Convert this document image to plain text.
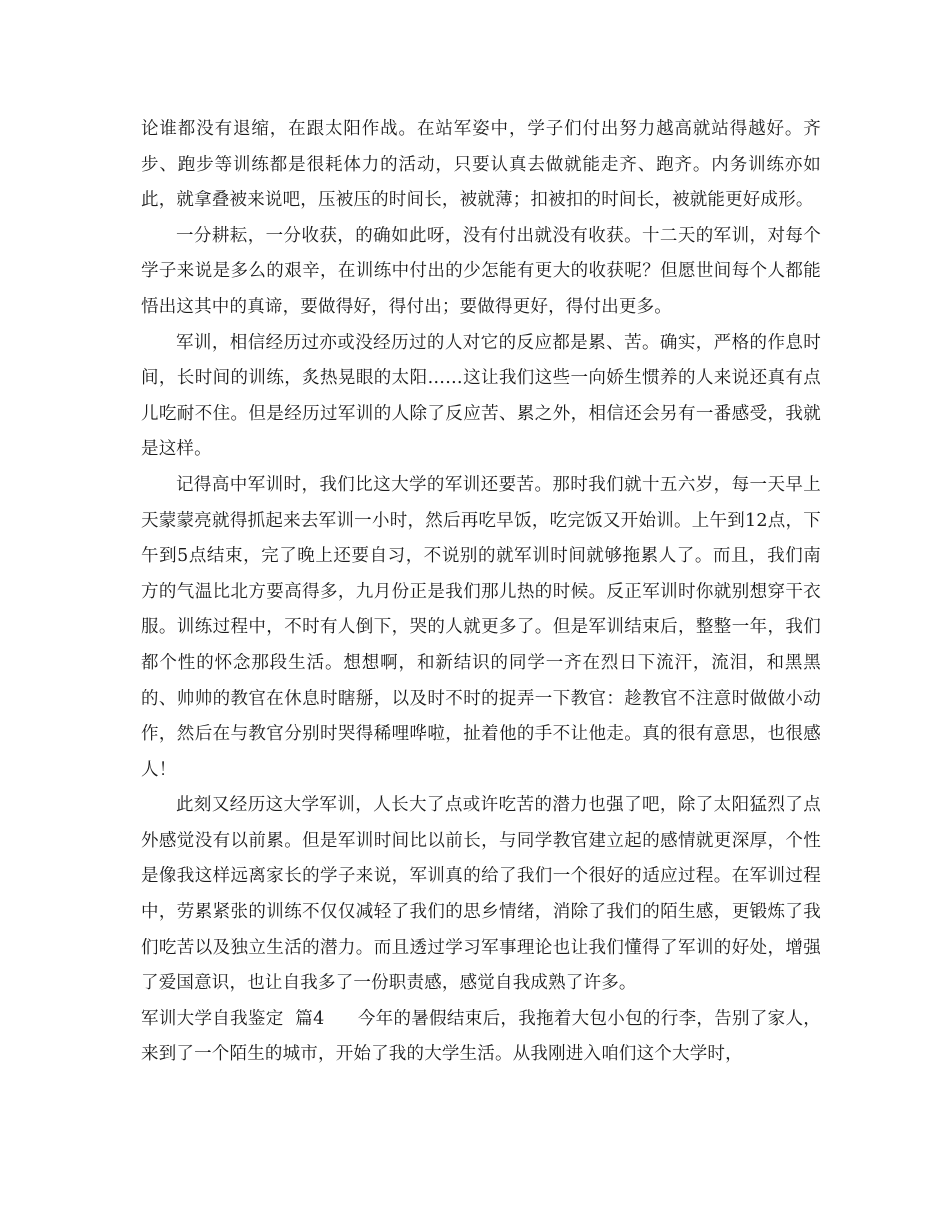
论谁都没有退缩，在跟太阳作战。在站军姿中，学子们付出努力越高就站得越好。齐步、跑步等训练都是很耗体力的活动，只要认真去做就能走齐、跑齐。内务训练亦如此，就拿叠被来说吧，压被压的时间长，被就薄；扣被扣的时间长，被就能更好成形。

一分耕耘，一分收获，的确如此呀，没有付出就没有收获。十二天的军训，对每个学子来说是多么的艰辛，在训练中付出的少怎能有更大的收获呢？但愿世间每个人都能悟出这其中的真谛，要做得好，得付出；要做得更好，得付出更多。

军训，相信经历过亦或没经历过的人对它的反应都是累、苦。确实，严格的作息时间，长时间的训练，炙热晃眼的太阳……这让我们这些一向娇生惯养的人来说还真有点儿吃耐不住。但是经历过军训的人除了反应苦、累之外，相信还会另有一番感受，我就是这样。

记得高中军训时，我们比这大学的军训还要苦。那时我们就十五六岁，每一天早上天蒙蒙亮就得抓起来去军训一小时，然后再吃早饭，吃完饭又开始训。上午到12点，下午到5点结束，完了晚上还要自习，不说别的就军训时间就够拖累人了。而且，我们南方的气温比北方要高得多，九月份正是我们那儿热的时候。反正军训时你就别想穿干衣服。训练过程中，不时有人倒下，哭的人就更多了。但是军训结束后，整整一年，我们都个性的怀念那段生活。想想啊，和新结识的同学一齐在烈日下流汗，流泪，和黑黑的、帅帅的教官在休息时瞎掰，以及时不时的捉弄一下教官：趁教官不注意时做做小动作，然后在与教官分别时哭得稀哩哗啦，扯着他的手不让他走。真的很有意思，也很感人！

此刻又经历这大学军训，人长大了点或许吃苦的潜力也强了吧，除了太阳猛烈了点外感觉没有以前累。但是军训时间比以前长，与同学教官建立起的感情就更深厚，个性是像我这样远离家长的学子来说，军训真的给了我们一个很好的适应过程。在军训过程中，劳累紧张的训练不仅仅减轻了我们的思乡情绪，消除了我们的陌生感，更锻炼了我们吃苦以及独立生活的潜力。而且透过学习军事理论也让我们懂得了军训的好处，增强了爱国意识，也让自我多了一份职责感，感觉自我成熟了许多。

军训大学自我鉴定  篇4 今年的暑假结束后，我拖着大包小包的行李，告别了家人，来到了一个陌生的城市，开始了我的大学生活。从我刚进入咱们这个大学时，
